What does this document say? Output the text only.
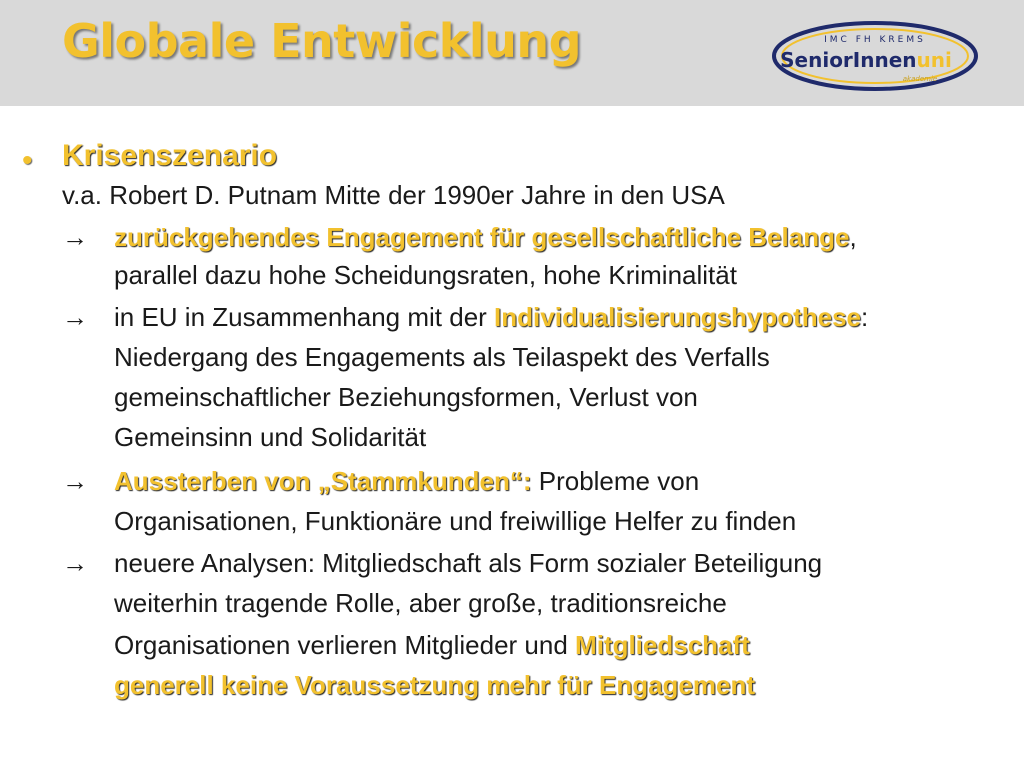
Globale Entwicklung	IMC FH KREMS
SeniorInnenuni
akademie
• Krisenszenario
v.a. Robert D. Putnam Mitte der 1990er Jahre in den USA
→ zurückgehendes Engagement für gesellschaftliche Belange,
parallel dazu hohe Scheidungsraten, hohe Kriminalität
→ in EU in Zusammenhang mit der Individualisierungshypothese:
Niedergang des Engagements als Teilaspekt des Verfalls
gemeinschaftlicher Beziehungsformen, Verlust von
Gemeinsinn und Solidarität
→ Aussterben von „Stammkunden“: Probleme von
Organisationen, Funktionäre und freiwillige Helfer zu finden
→ neuere Analysen: Mitgliedschaft als Form sozialer Beteiligung
weiterhin tragende Rolle, aber große, traditionsreiche
Organisationen verlieren Mitglieder und Mitgliedschaft
generell keine Voraussetzung mehr für Engagement
